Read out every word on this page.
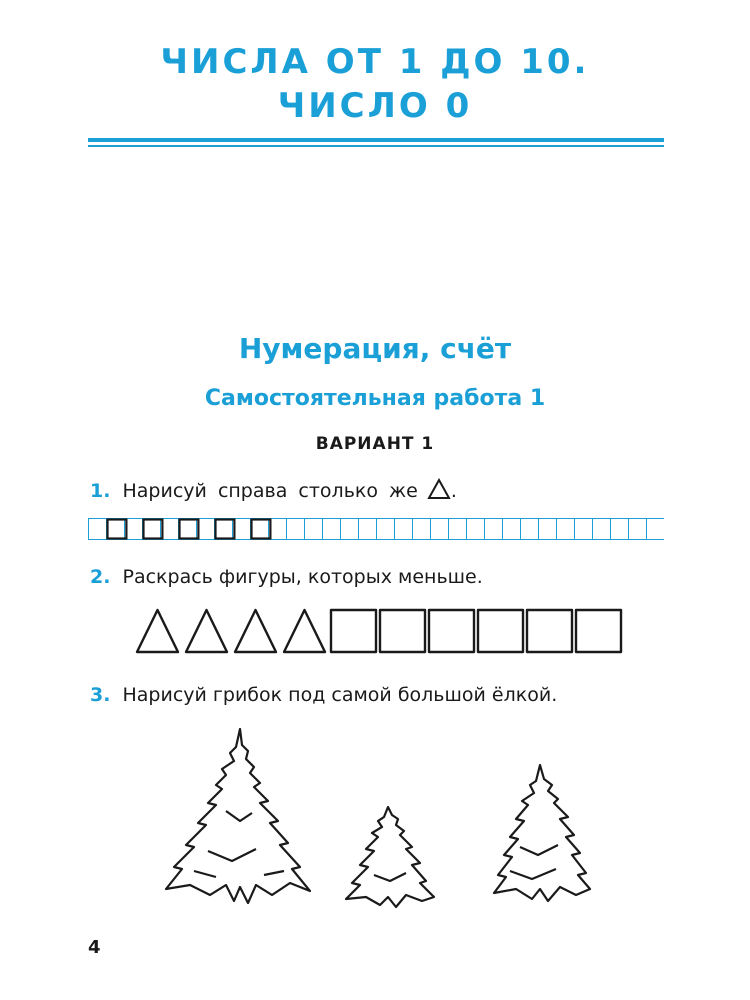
ЧИСЛА ОТ 1 ДО 10.
ЧИСЛО 0
Нумерация, счёт
Самостоятельная работа 1
ВАРИАНТ 1
1. Нарисуй справа столько же .
2. Раскрась фигуры, которых меньше.
3. Нарисуй грибок под самой большой ёлкой.
4
